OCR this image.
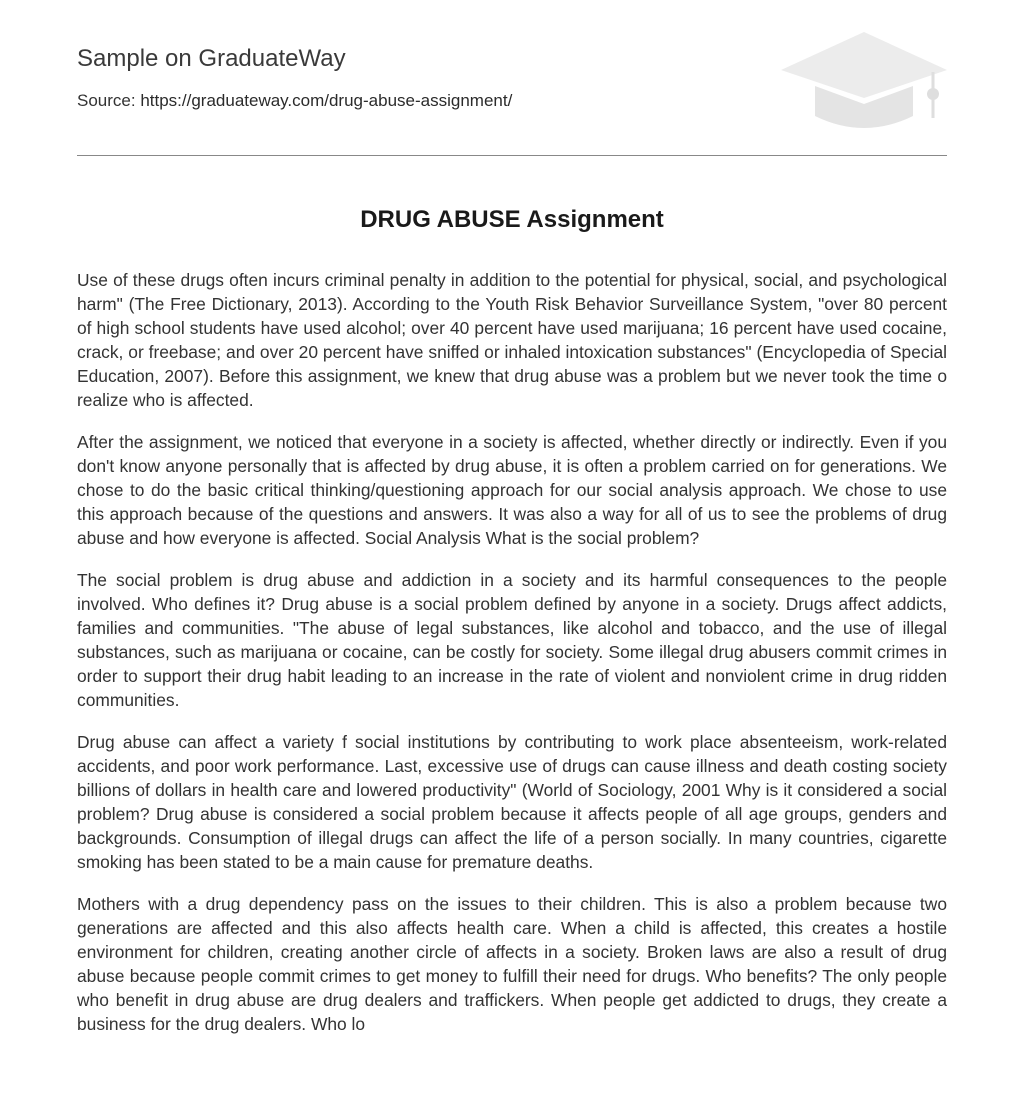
Sample on GraduateWay
Source: https://graduateway.com/drug-abuse-assignment/
DRUG ABUSE Assignment

Use of these drugs often incurs criminal penalty in addition to the potential for physical, social, and psychological harm" (The Free Dictionary, 2013). According to the Youth Risk Behavior Surveillance System, "over 80 percent of high school students have used alcohol; over 40 percent have used marijuana; 16 percent have used cocaine, crack, or freebase; and over 20 percent have sniffed or inhaled intoxication substances" (Encyclopedia of Special Education, 2007). Before this assignment, we knew that drug abuse was a problem but we never took the time o realize who is affected.

After the assignment, we noticed that everyone in a society is affected, whether directly or indirectly. Even if you don't know anyone personally that is affected by drug abuse, it is often a problem carried on for generations. We chose to do the basic critical thinking/questioning approach for our social analysis approach. We chose to use this approach because of the questions and answers. It was also a way for all of us to see the problems of drug abuse and how everyone is affected. Social Analysis What is the social problem?

The social problem is drug abuse and addiction in a society and its harmful consequences to the people involved. Who defines it? Drug abuse is a social problem defined by anyone in a society. Drugs affect addicts, families and communities. "The abuse of legal substances, like alcohol and tobacco, and the use of illegal substances, such as marijuana or cocaine, can be costly for society. Some illegal drug abusers commit crimes in order to support their drug habit leading to an increase in the rate of violent and nonviolent crime in drug ridden communities.

Drug abuse can affect a variety f social institutions by contributing to work place absenteeism, work-related accidents, and poor work performance. Last, excessive use of drugs can cause illness and death costing society billions of dollars in health care and lowered productivity" (World of Sociology, 2001 Why is it considered a social problem? Drug abuse is considered a social problem because it affects people of all age groups, genders and backgrounds. Consumption of illegal drugs can affect the life of a person socially. In many countries, cigarette smoking has been stated to be a main cause for premature deaths.

Mothers with a drug dependency pass on the issues to their children. This is also a problem because two generations are affected and this also affects health care. When a child is affected, this creates a hostile environment for children, creating another circle of affects in a society. Broken laws are also a result of drug abuse because people commit crimes to get money to fulfill their need for drugs. Who benefits? The only people who benefit in drug abuse are drug dealers and traffickers. When people get addicted to drugs, they create a business for the drug dealers. Who lo
